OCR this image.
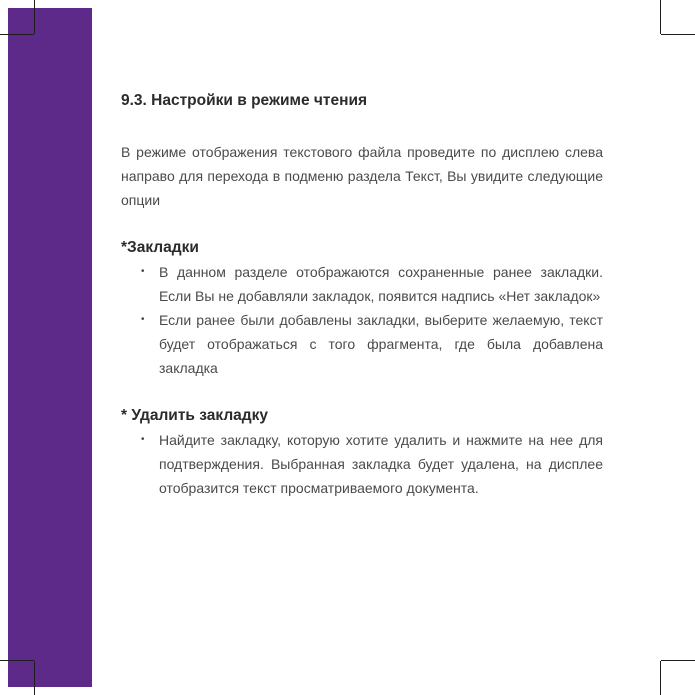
9.3. Настройки в режиме чтения

В режиме отображения текстового файла проведите по дисплею слева направо для перехода в подменю раздела Текст, Вы увидите следующие опции

*Закладки
• В данном разделе отображаются сохраненные ранее закладки. Если Вы не добавляли закладок, появится надпись «Нет закладок»
• Если ранее были добавлены закладки, выберите желаемую, текст будет отображаться с того фрагмента, где была добавлена закладка
* Удалить закладку
• Найдите закладку, которую хотите удалить и нажмите на нее для подтверждения. Выбранная закладка будет удалена, на дисплее отобразится текст просматриваемого документа.
